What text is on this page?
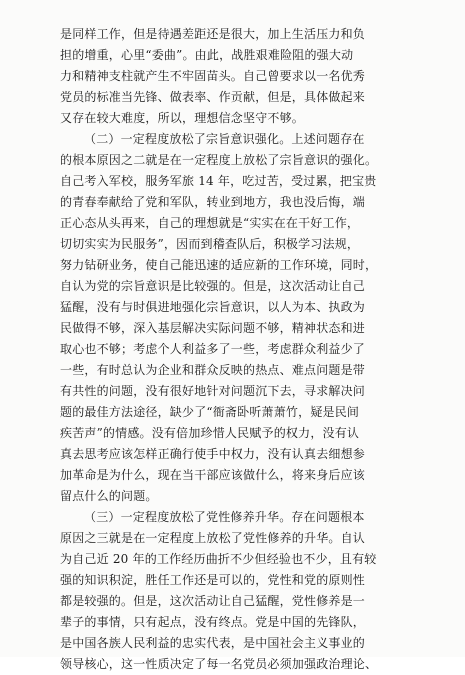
是同样工作，但是待遇差距还是很大，加上生活压力和负
担的增重，心里“委曲”。由此，战胜艰难险阻的强大动
力和精神支柱就产生不牢固苗头。自己曾要求以一名优秀
党员的标准当先锋、做表率、作贡献，但是，具体做起来
又存在较大难度，所以，理想信念坚守不够。
（二）一定程度放松了宗旨意识强化。上述问题存在
的根本原因之二就是在一定程度上放松了宗旨意识的强化。
自己考入军校，服务军旅 14 年，吃过苦，受过累，把宝贵
的青春奉献给了党和军队，转业到地方，我也没后悔，端
正心态从头再来，自己的理想就是“实实在在干好工作，
切切实实为民服务”，因而到稽查队后，积极学习法规，
努力钻研业务，使自己能迅速的适应新的工作环境，同时，
自认为党的宗旨意识是比较强的。但是，这次活动让自己
猛醒，没有与时俱进地强化宗旨意识，以人为本、执政为
民做得不够，深入基层解决实际问题不够，精神状态和进
取心也不够；考虑个人利益多了一些，考虑群众利益少了
一些，有时总认为企业和群众反映的热点、难点问题是带
有共性的问题，没有很好地针对问题沉下去，寻求解决问
题的最佳方法途径，缺少了“衙斋卧听萧萧竹，疑是民间
疾苦声”的情感。没有倍加珍惜人民赋予的权力，没有认
真去思考应该怎样正确行使手中权力，没有认真去细想参
加革命是为什么，现在当干部应该做什么，将来身后应该
留点什么的问题。
（三）一定程度放松了党性修养升华。存在问题根本
原因之三就是在一定程度上放松了党性修养的升华。自认
为自己近 20 年的工作经历曲折不少但经验也不少，且有较
强的知识积淀，胜任工作还是可以的，党性和党的原则性
都是较强的。但是，这次活动让自己猛醒，党性修养是一
辈子的事情，只有起点，没有终点。党是中国的先锋队，
是中国各族人民利益的忠实代表，是中国社会主义事业的
领导核心，这一性质决定了每一名党员必须加强政治理论、
